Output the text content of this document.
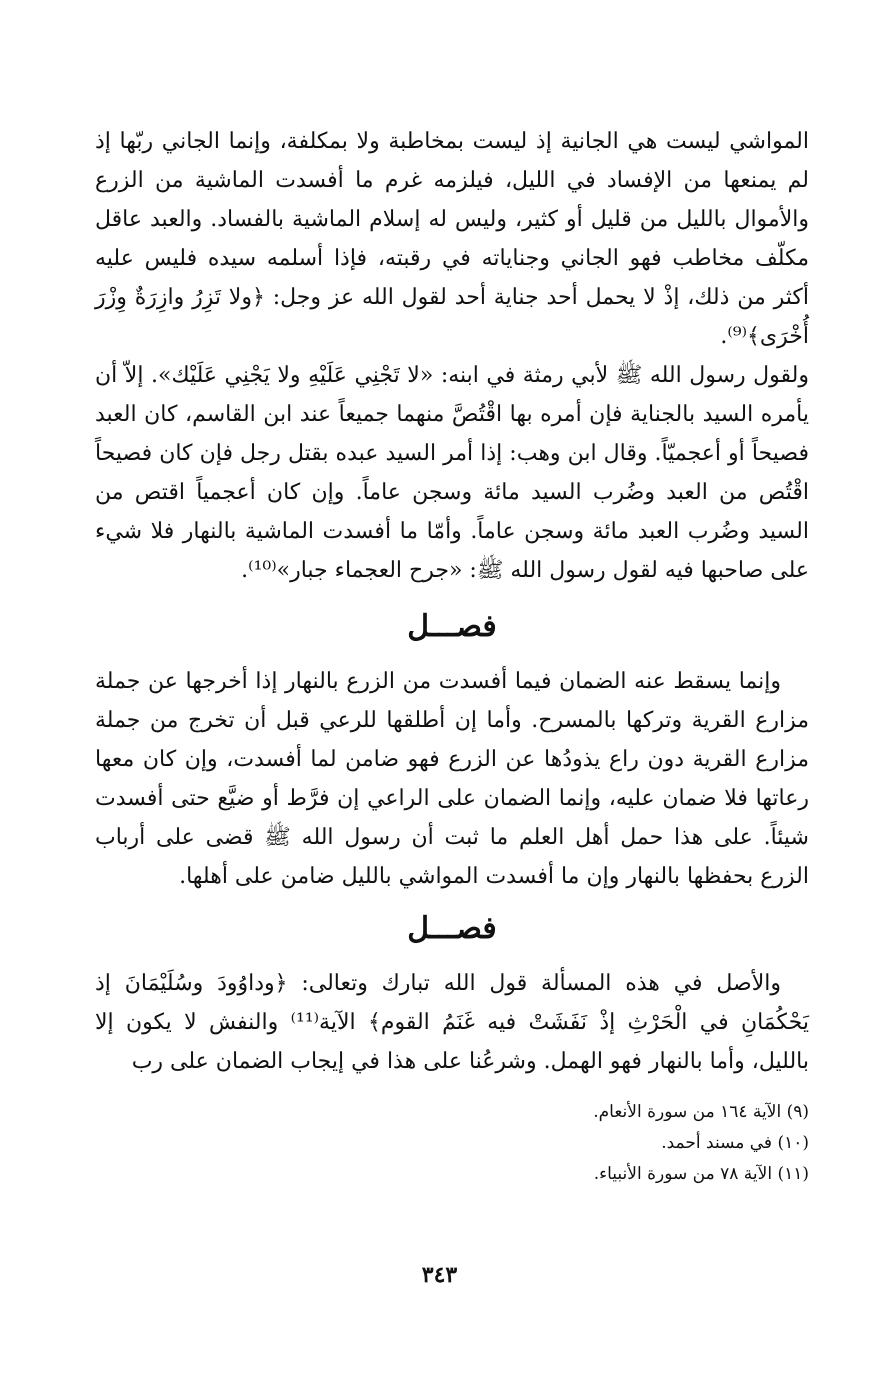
المواشي ليست هي الجانية إذ ليست بمخاطبة ولا بمكلفة، وإنما الجاني ربّها إذ لم يمنعها من الإفساد في الليل، فيلزمه غرم ما أفسدت الماشية من الزرع والأموال بالليل من قليل أو كثير، وليس له إسلام الماشية بالفساد. والعبد عاقل مكلّف مخاطب فهو الجاني وجناياته في رقبته، فإذا أسلمه سيده فليس عليه أكثر من ذلك، إذْ لا يحمل أحد جناية أحد لقول الله عز وجل: ﴿ولا تَزِرُ وازِرَةٌ وِزْرَ أُخْرَى﴾⁽⁹⁾.

ولقول رسول الله ﷺ لأبي رمثة في ابنه: «لا تَجْنِي عَلَيْهِ ولا يَجْنِي عَلَيْك». إلاّ أن يأمره السيد بالجناية فإن أمره بها اقْتُصَّ منهما جميعاً عند ابن القاسم، كان العبد فصيحاً أو أعجميّاً. وقال ابن وهب: إذا أمر السيد عبده بقتل رجل فإن كان فصيحاً اقْتُص من العبد وضُرب السيد مائة وسجن عاماً. وإن كان أعجمياً اقتص من السيد وضُرب العبد مائة وسجن عاماً. وأمّا ما أفسدت الماشية بالنهار فلا شيء على صاحبها فيه لقول رسول الله ﷺ: «جرح العجماء جبار»⁽¹⁰⁾.

فصـــل

وإنما يسقط عنه الضمان فيما أفسدت من الزرع بالنهار إذا أخرجها عن جملة مزارع القرية وتركها بالمسرح. وأما إن أطلقها للرعي قبل أن تخرج من جملة مزارع القرية دون راع يذودُها عن الزرع فهو ضامن لما أفسدت، وإن كان معها رعاتها فلا ضمان عليه، وإنما الضمان على الراعي إن فرَّط أو ضيَّع حتى أفسدت شيئاً. على هذا حمل أهل العلم ما ثبت أن رسول الله ﷺ قضى على أرباب الزرع بحفظها بالنهار وإن ما أفسدت المواشي بالليل ضامن على أهلها.

فصـــل

والأصل في هذه المسألة قول الله تبارك وتعالى: ﴿وداوُودَ وسُلَيْمَانَ إذ يَحْكُمَانِ في الْحَرْثِ إذْ نَفَشَتْ فيه غَنَمُ القوم﴾ الآية⁽¹¹⁾ والنفش لا يكون إلا بالليل، وأما بالنهار فهو الهمل. وشرعُنا على هذا في إيجاب الضمان على رب

(٩) الآية ١٦٤ من سورة الأنعام.

(١٠) في مسند أحمد.

(١١) الآية ٧٨ من سورة الأنبياء.

٣٤٣
